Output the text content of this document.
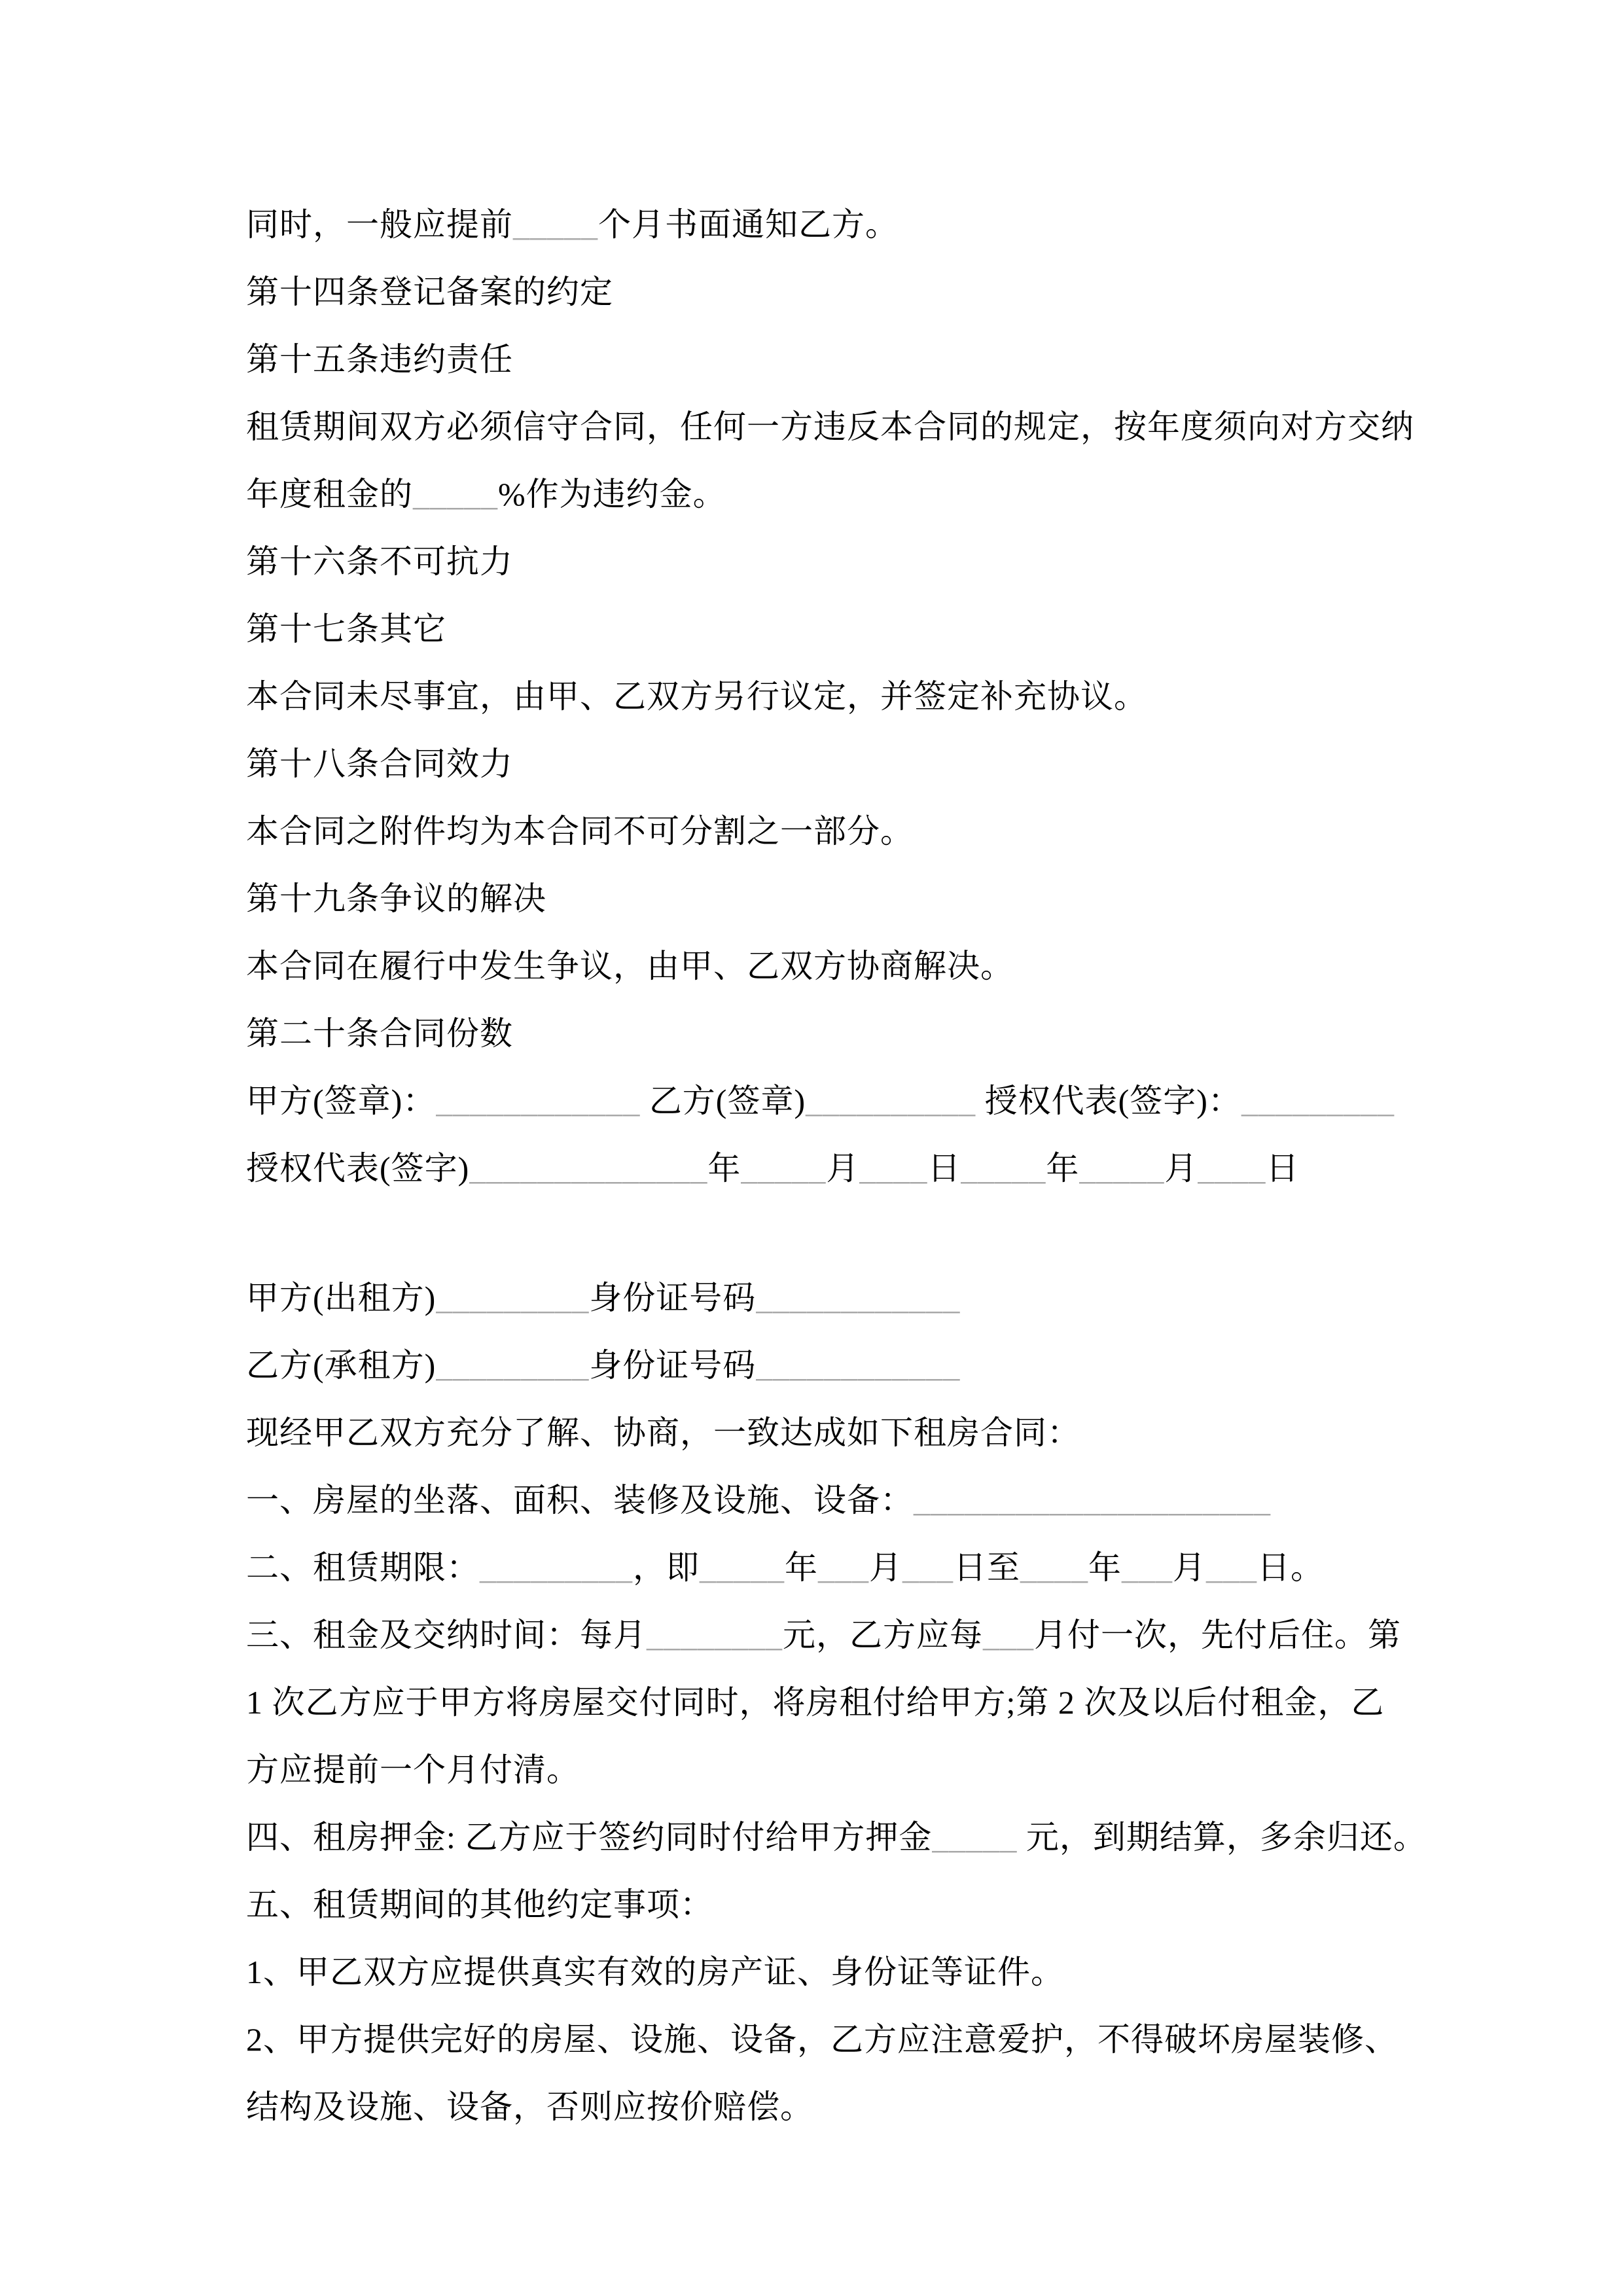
同时，一般应提前_____个月书面通知乙方。

第十四条登记备案的约定

第十五条违约责任

租赁期间双方必须信守合同，任何一方违反本合同的规定，按年度须向对方交纳

年度租金的_____%作为违约金。

第十六条不可抗力

第十七条其它

本合同未尽事宜，由甲、乙双方另行议定，并签定补充协议。

第十八条合同效力

本合同之附件均为本合同不可分割之一部分。

第十九条争议的解决

本合同在履行中发生争议，由甲、乙双方协商解决。

第二十条合同份数

甲方(签章)：____________ 乙方(签章)__________ 授权代表(签字)：_________

授权代表(签字)______________年_____月____日_____年_____月____日

甲方(出租方)_________身份证号码____________

乙方(承租方)_________身份证号码____________

现经甲乙双方充分了解、协商，一致达成如下租房合同：

一、房屋的坐落、面积、装修及设施、设备：_____________________

二、租赁期限：_________，即_____年___月___日至____年___月___日。

三、租金及交纳时间：每月________元，乙方应每___月付一次，先付后住。第

1 次乙方应于甲方将房屋交付同时，将房租付给甲方;第 2 次及以后付租金，乙

方应提前一个月付清。

四、租房押金: 乙方应于签约同时付给甲方押金_____ 元，到期结算，多余归还。

五、租赁期间的其他约定事项：

1、甲乙双方应提供真实有效的房产证、身份证等证件。

2、甲方提供完好的房屋、设施、设备，乙方应注意爱护，不得破坏房屋装修、

结构及设施、设备，否则应按价赔偿。
